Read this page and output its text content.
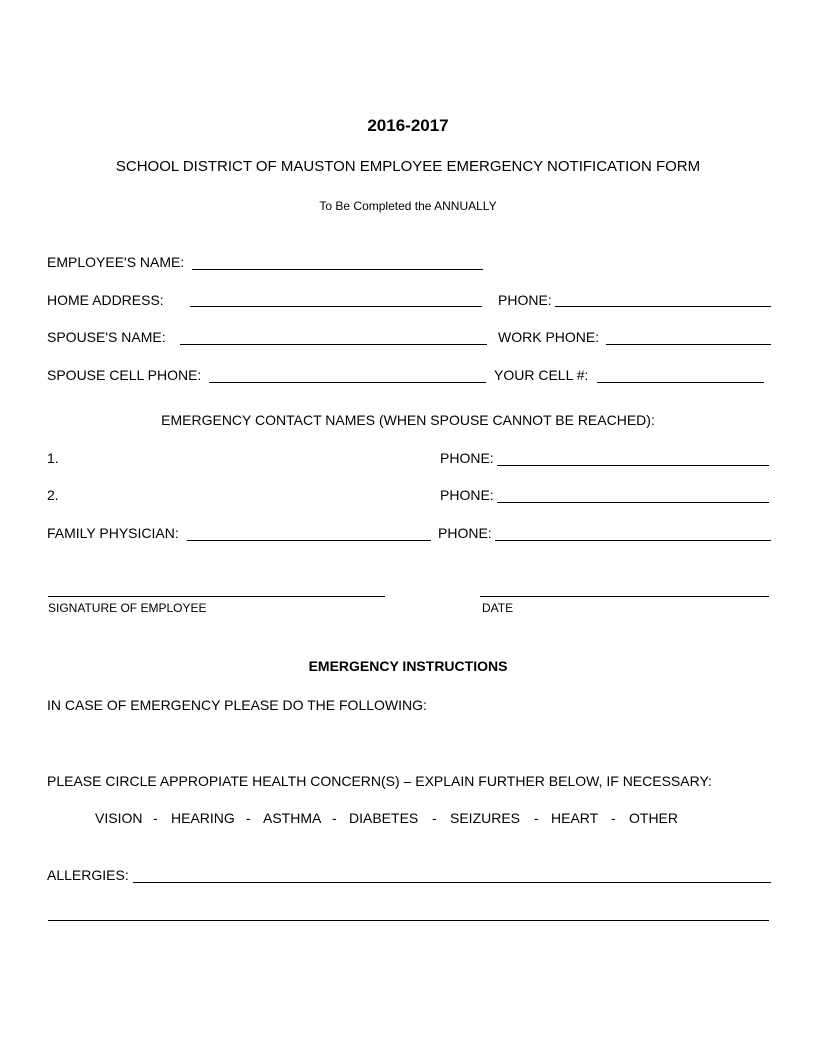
2016-2017
SCHOOL DISTRICT OF MAUSTON EMPLOYEE EMERGENCY NOTIFICATION FORM
To Be Completed the ANNUALLY
EMPLOYEE'S NAME:
HOME ADDRESS:	PHONE:
SPOUSE'S NAME:	WORK PHONE:
SPOUSE CELL PHONE:	YOUR CELL #:
EMERGENCY CONTACT NAMES (WHEN SPOUSE CANNOT BE REACHED):
1.	PHONE:
2.	PHONE:
FAMILY PHYSICIAN:	PHONE:
SIGNATURE OF EMPLOYEE	DATE
EMERGENCY INSTRUCTIONS
IN CASE OF EMERGENCY PLEASE DO THE FOLLOWING:
PLEASE CIRCLE APPROPIATE HEALTH CONCERN(S) – EXPLAIN FURTHER BELOW, IF NECESSARY:
VISION - HEARING - ASTHMA - DIABETES - SEIZURES - HEART - OTHER
ALLERGIES:
